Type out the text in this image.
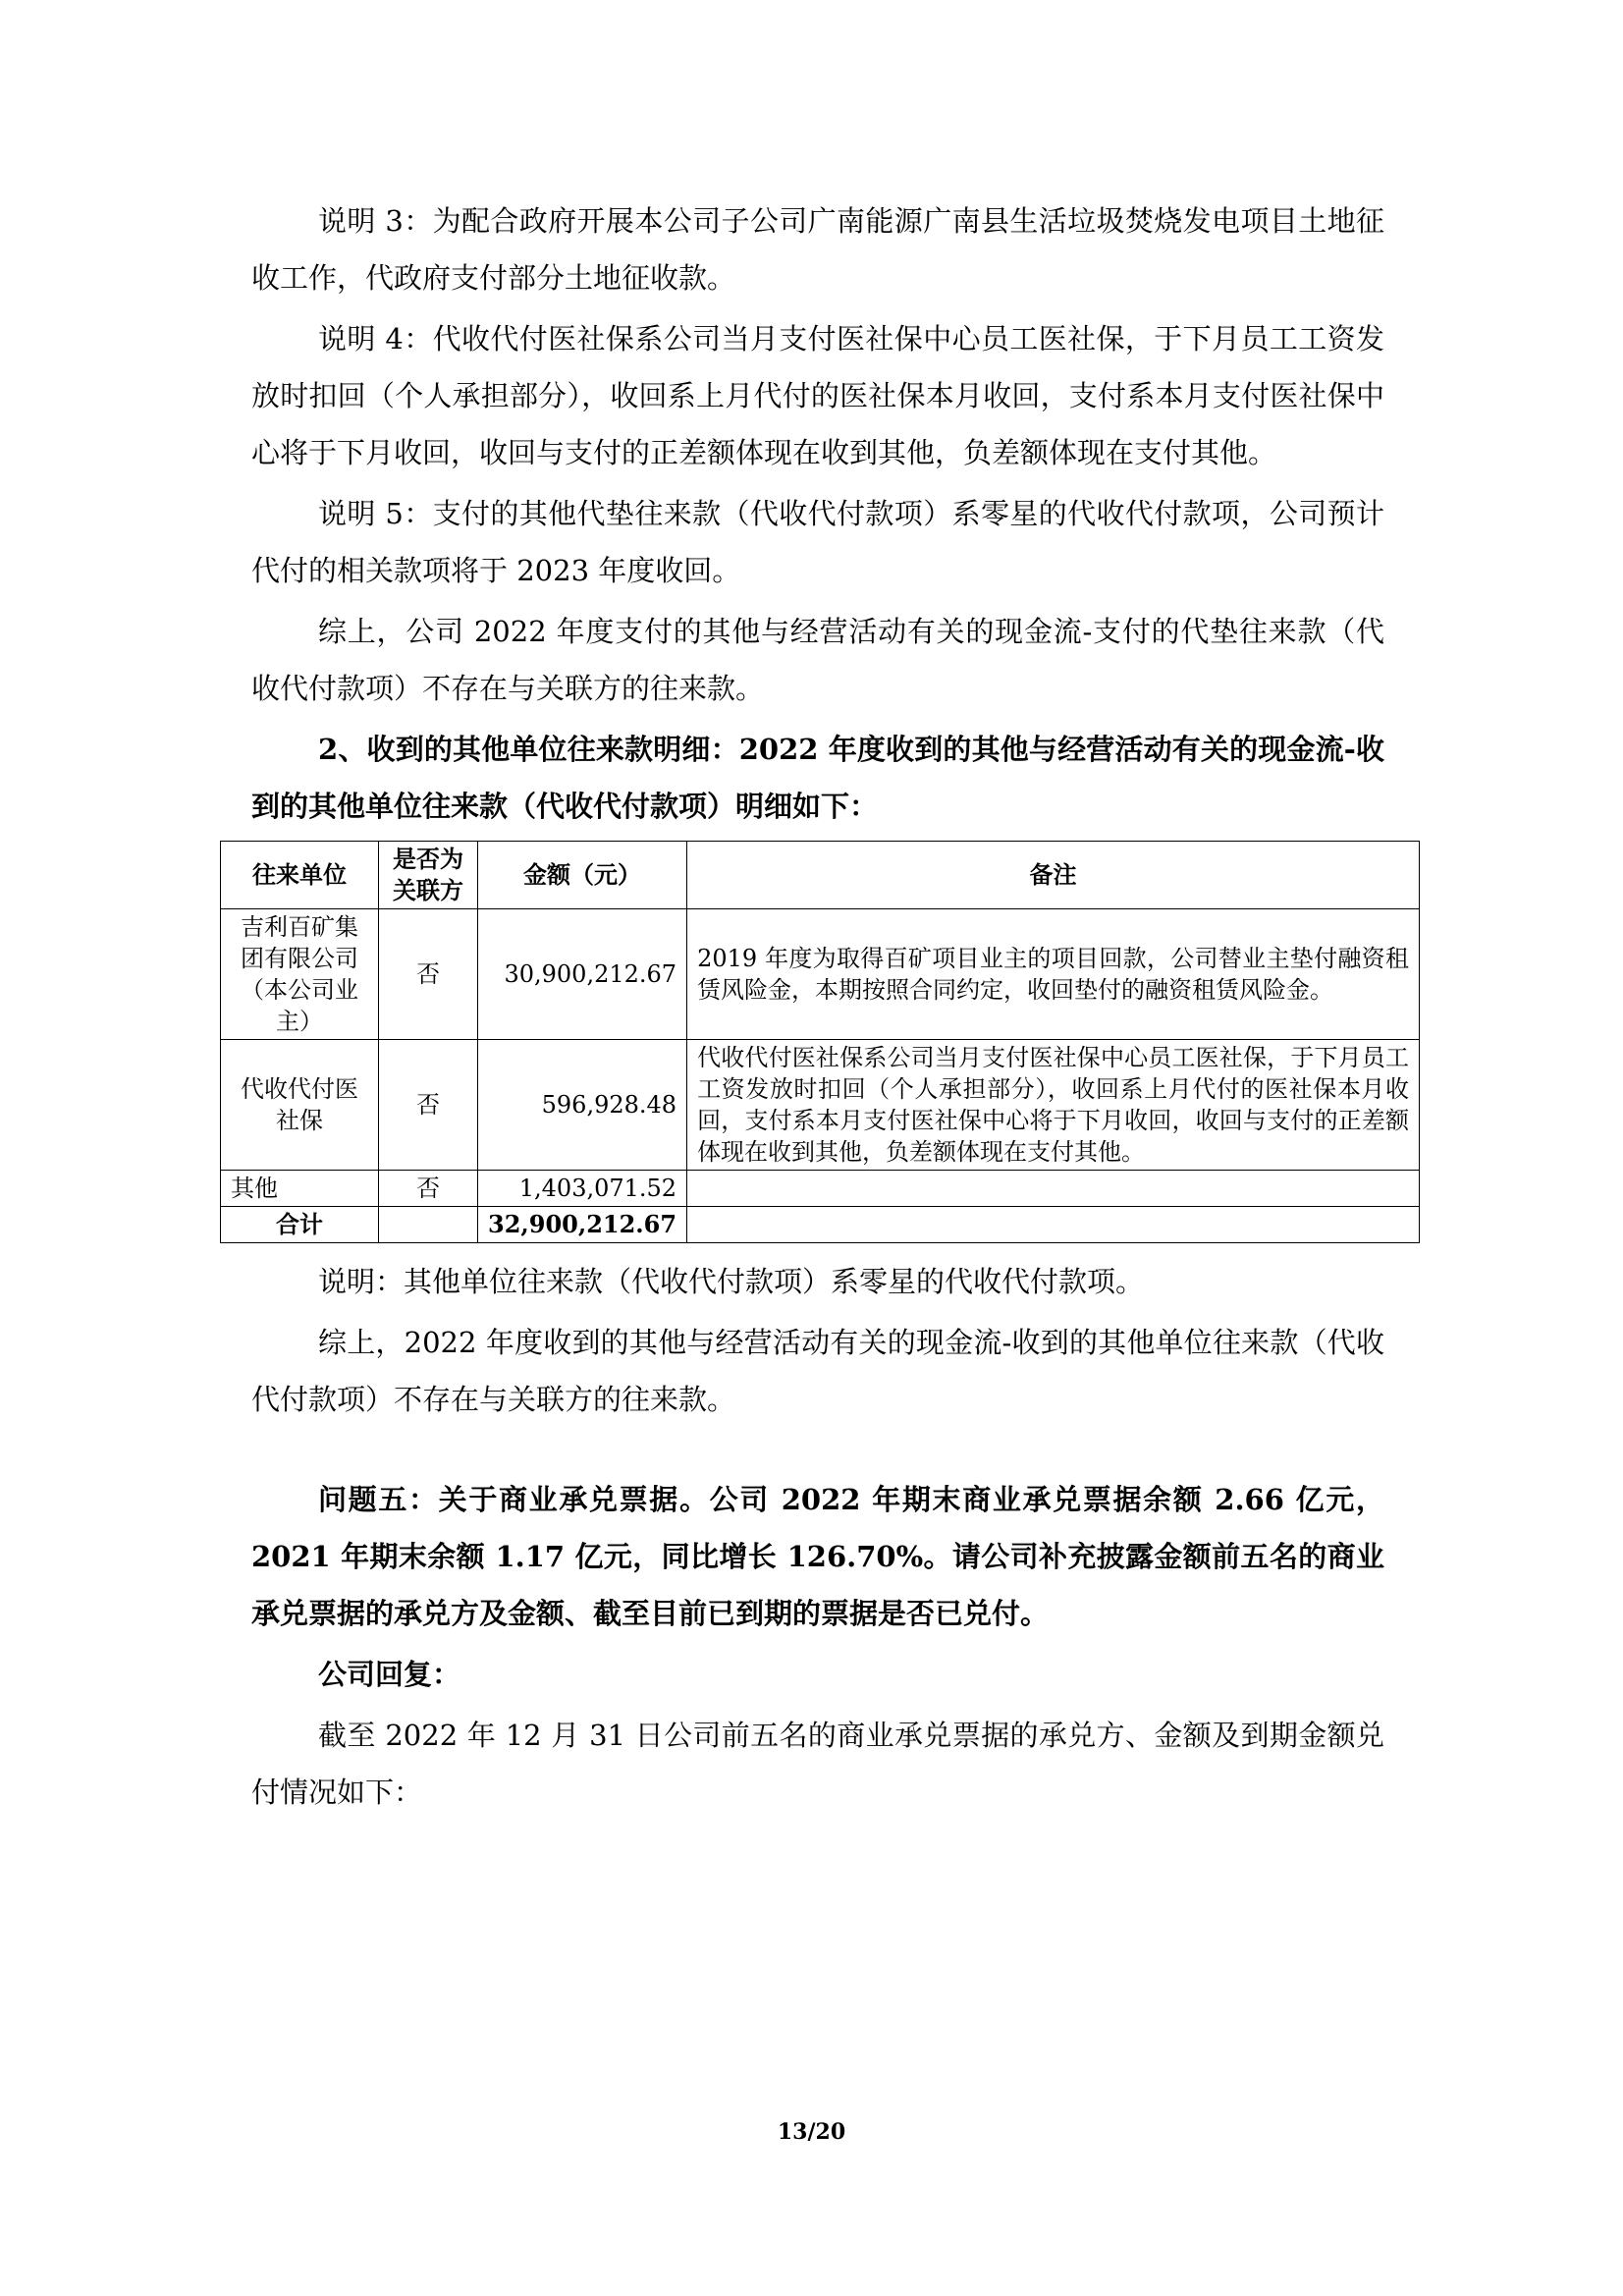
说明 3：为配合政府开展本公司子公司广南能源广南县生活垃圾焚烧发电项目土地征收工作，代政府支付部分土地征收款。

说明 4：代收代付医社保系公司当月支付医社保中心员工医社保，于下月员工工资发放时扣回（个人承担部分），收回系上月代付的医社保本月收回，支付系本月支付医社保中心将于下月收回，收回与支付的正差额体现在收到其他，负差额体现在支付其他。

说明 5：支付的其他代垫往来款（代收代付款项）系零星的代收代付款项，公司预计代付的相关款项将于 2023 年度收回。

综上，公司 2022 年度支付的其他与经营活动有关的现金流-支付的代垫往来款（代收代付款项）不存在与关联方的往来款。

2、收到的其他单位往来款明细：2022 年度收到的其他与经营活动有关的现金流-收到的其他单位往来款（代收代付款项）明细如下：

往来单位	是否为关联方	金额（元）	备注
吉利百矿集团有限公司（本公司业主）	否	30,900,212.67	2019 年度为取得百矿项目业主的项目回款，公司替业主垫付融资租赁风险金，本期按照合同约定，收回垫付的融资租赁风险金。
代收代付医社保	否	596,928.48	代收代付医社保系公司当月支付医社保中心员工医社保，于下月员工工资发放时扣回（个人承担部分），收回系上月代付的医社保本月收回，支付系本月支付医社保中心将于下月收回，收回与支付的正差额体现在收到其他，负差额体现在支付其他。
其他	否	1,403,071.52	
合计		32,900,212.67	

说明：其他单位往来款（代收代付款项）系零星的代收代付款项。

综上，2022 年度收到的其他与经营活动有关的现金流-收到的其他单位往来款（代收代付款项）不存在与关联方的往来款。

问题五：关于商业承兑票据。公司 2022 年期末商业承兑票据余额 2.66 亿元，2021 年期末余额 1.17 亿元，同比增长 126.70%。请公司补充披露金额前五名的商业承兑票据的承兑方及金额、截至目前已到期的票据是否已兑付。

公司回复：

截至 2022 年 12 月 31 日公司前五名的商业承兑票据的承兑方、金额及到期金额兑付情况如下：

13/20
